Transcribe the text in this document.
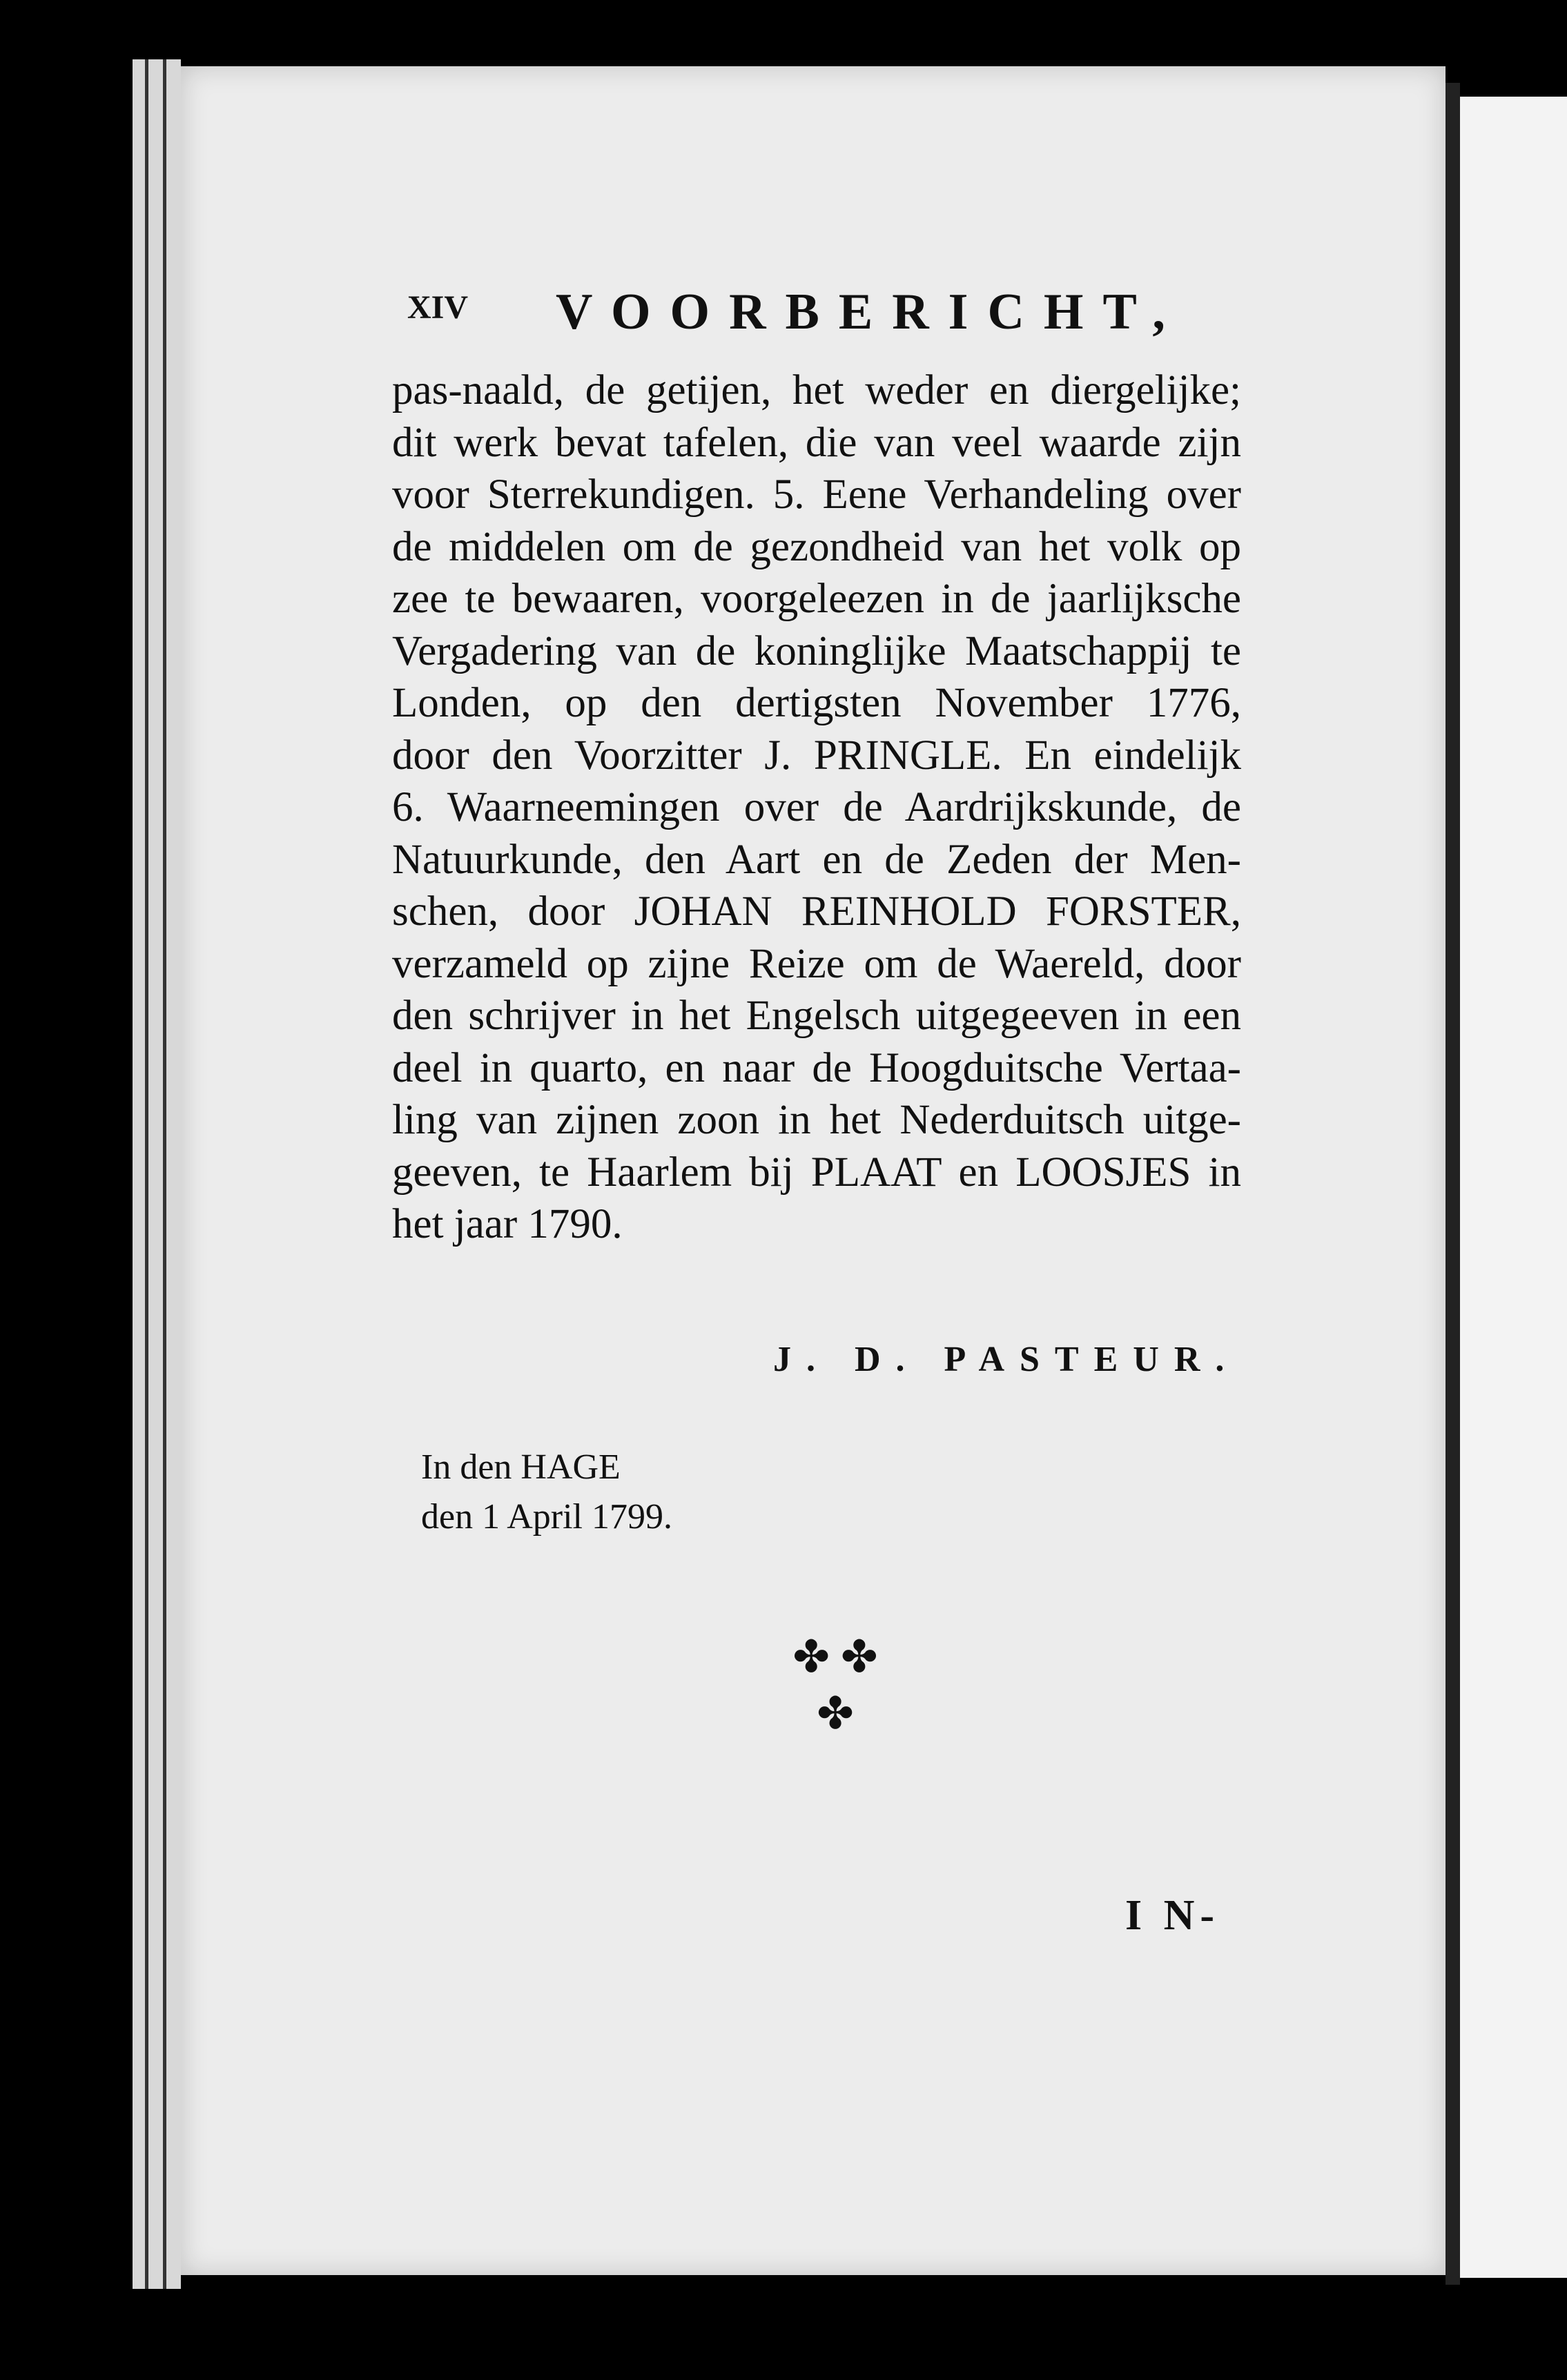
XIV VOORBERICHT,
pas-naald, de getijen, het weder en diergelijke;
dit werk bevat tafelen, die van veel waarde zijn
voor Sterrekundigen. 5. Eene Verhandeling over
de middelen om de gezondheid van het volk op
zee te bewaaren, voorgeleezen in de jaarlijksche
Vergadering van de koninglijke Maatschappij te
Londen, op den dertigsten November 1776,
door den Voorzitter J. PRINGLE. En eindelijk
6. Waarneemingen over de Aardrijkskunde, de
Natuurkunde, den Aart en de Zeden der Men-
schen, door JOHAN REINHOLD FORSTER,
verzameld op zijne Reize om de Waereld, door
den schrijver in het Engelsch uitgegeeven in een
deel in quarto, en naar de Hoogduitsche Vertaa-
ling van zijnen zoon in het Nederduitsch uitge-
geeven, te Haarlem bij PLAAT en LOOSJES in
het jaar 1790.
J. D. PASTEUR.
In den HAGE
den 1 April 1799.
✤ ✤
✤
I N-
